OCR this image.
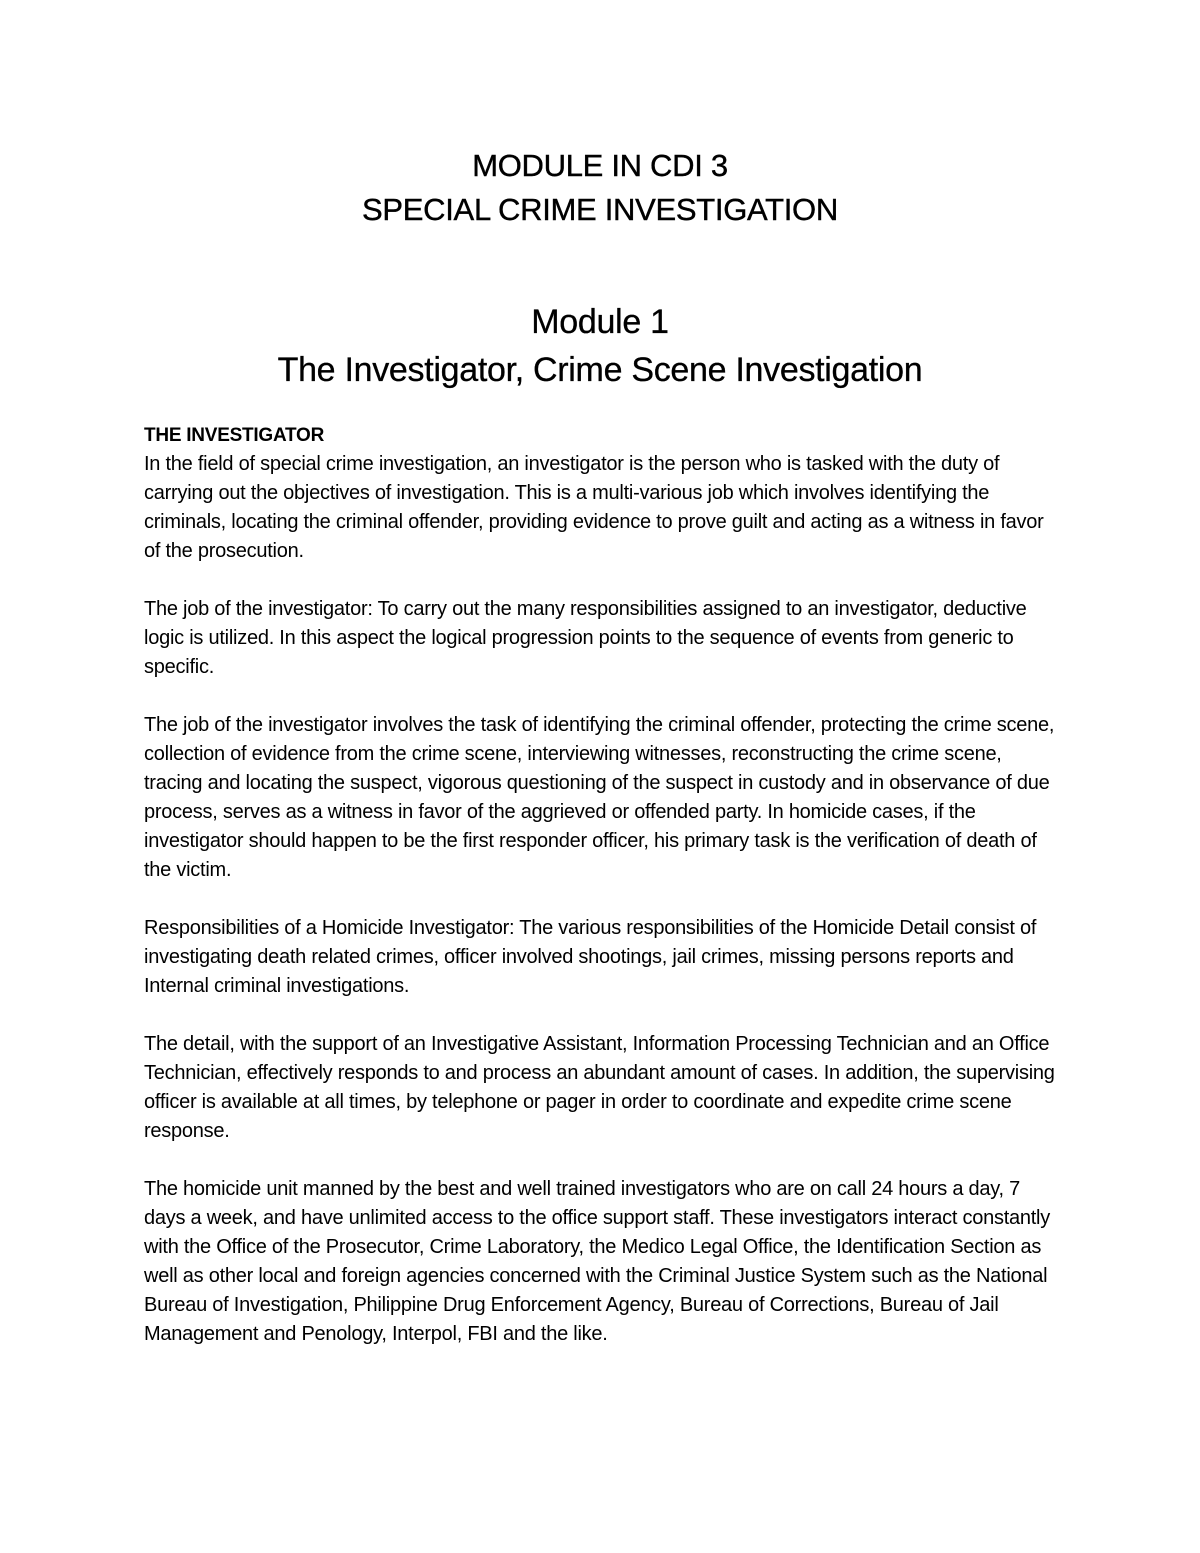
MODULE IN CDI 3
SPECIAL CRIME INVESTIGATION
Module 1
The Investigator, Crime Scene Investigation

THE INVESTIGATOR

In the field of special crime investigation, an investigator is the person who is tasked with the duty of carrying out the objectives of investigation. This is a multi-various job which involves identifying the criminals, locating the criminal offender, providing evidence to prove guilt and acting as a witness in favor of the prosecution.

The job of the investigator: To carry out the many responsibilities assigned to an investigator, deductive logic is utilized. In this aspect the logical progression points to the sequence of events from generic to specific.

The job of the investigator involves the task of identifying the criminal offender, protecting the crime scene, collection of evidence from the crime scene, interviewing witnesses, reconstructing the crime scene, tracing and locating the suspect, vigorous questioning of the suspect in custody and in observance of due process, serves as a witness in favor of the aggrieved or offended party. In homicide cases, if the investigator should happen to be the first responder officer, his primary task is the verification of death of the victim.

Responsibilities of a Homicide Investigator: The various responsibilities of the Homicide Detail consist of investigating death related crimes, officer involved shootings, jail crimes, missing persons reports and Internal criminal investigations.

The detail, with the support of an Investigative Assistant, Information Processing Technician and an Office Technician, effectively responds to and process an abundant amount of cases. In addition, the supervising officer is available at all times, by telephone or pager in order to coordinate and expedite crime scene response.

The homicide unit manned by the best and well trained investigators who are on call 24 hours a day, 7 days a week, and have unlimited access to the office support staff. These investigators interact constantly with the Office of the Prosecutor, Crime Laboratory, the Medico Legal Office, the Identification Section as well as other local and foreign agencies concerned with the Criminal Justice System such as the National Bureau of Investigation, Philippine Drug Enforcement Agency, Bureau of Corrections, Bureau of Jail Management and Penology, Interpol, FBI and the like.
